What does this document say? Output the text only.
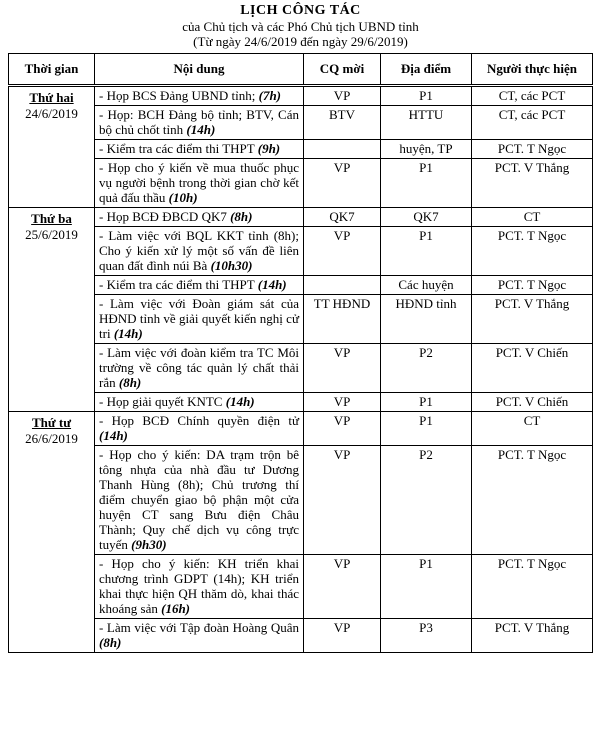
LỊCH CÔNG TÁC
của Chủ tịch và các Phó Chủ tịch UBND tỉnh
(Từ ngày 24/6/2019 đến ngày 29/6/2019)
Thời gian	Nội dung	CQ mời	Địa điểm	Người thực hiện

Thứ hai
24/6/2019	- Họp BCS Đảng UBND tỉnh; (7h)	VP	P1	CT, các PCT
	- Họp: BCH Đảng bộ tỉnh; BTV, Cán bộ chủ chốt tỉnh (14h)	BTV	HTTU	CT, các PCT
	- Kiểm tra các điểm thi THPT (9h)		huyện, TP	PCT. T Ngọc
	- Họp cho ý kiến về mua thuốc phục vụ người bệnh trong thời gian chờ kết quả đấu thầu (10h)	VP	P1	PCT. V Thắng

Thứ ba
25/6/2019	- Họp BCĐ ĐBCD QK7 (8h)	QK7	QK7	CT
	- Làm việc với BQL KKT tỉnh (8h); Cho ý kiến xử lý một số vấn đề liên quan đất đình núi Bà (10h30)	VP	P1	PCT. T Ngọc
	- Kiểm tra các điểm thi THPT (14h)		Các huyện	PCT. T Ngọc
	- Làm việc với Đoàn giám sát của HĐND tỉnh về giải quyết kiến nghị cử tri (14h)	TT HĐND	HĐND tỉnh	PCT. V Thắng
	- Làm việc với đoàn kiểm tra TC Môi trường về công tác quản lý chất thải rắn (8h)	VP	P2	PCT. V Chiến
	- Họp giải quyết KNTC (14h)	VP	P1	PCT. V Chiến

Thứ tư
26/6/2019	- Họp BCĐ Chính quyền điện tử (14h)	VP	P1	CT
	- Họp cho ý kiến: DA trạm trộn bê tông nhựa của nhà đầu tư Dương Thanh Hùng (8h); Chủ trương thí điểm chuyển giao bộ phận một cửa huyện CT sang Bưu điện Châu Thành; Quy chế dịch vụ công trực tuyến (9h30)	VP	P2	PCT. T Ngọc
	- Họp cho ý kiến: KH triển khai chương trình GDPT (14h); KH triển khai thực hiện QH thăm dò, khai thác khoáng sản (16h)	VP	P1	PCT. T Ngọc
	- Làm việc với Tập đoàn Hoàng Quân (8h)	VP	P3	PCT. V Thắng
